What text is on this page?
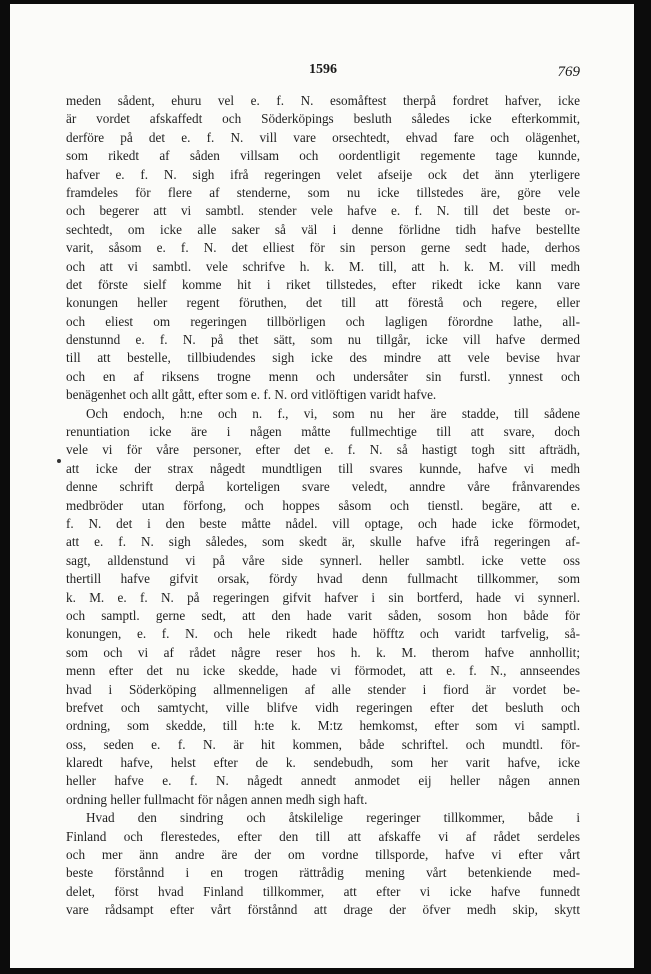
1596	769
meden sådent, ehuru vel e. f. N. esomåftest therpå fordret hafver, icke
är vordet afskaffedt och Söderköpings besluth således icke efterkommit,
derföre på det e. f. N. vill vare orsechtedt, ehvad fare och olägenhet,
som rikedt af såden villsam och oordentligit regemente tage kunnde,
hafver e. f. N. sigh ifrå regeringen velet afseije ock det änn yterligere
framdeles för flere af stenderne, som nu icke tillstedes äre, göre vele
och begerer att vi sambtl. stender vele hafve e. f. N. till det beste or-
sechtedt, om icke alle saker så väl i denne förlidne tidh hafve bestellte
varit, såsom e. f. N. det elliest för sin person gerne sedt hade, derhos
och att vi sambtl. vele schrifve h. k. M. till, att h. k. M. vill medh
det förste sielf komme hit i riket tillstedes, efter rikedt icke kann vare
konungen heller regent föruthen, det till att förestå och regere, eller
och eliest om regeringen tillbörligen och lagligen förordne lathe, all-
denstunnd e. f. N. på thet sätt, som nu tillgår, icke vill hafve dermed
till att bestelle, tillbiudendes sigh icke des mindre att vele bevise hvar
och en af riksens trogne menn och undersåter sin furstl. ynnest och
benägenhet och allt gått, efter som e. f. N. ord vitlöftigen varidt hafve.
Och endoch, h:ne och n. f., vi, som nu her äre stadde, till sådene
renuntiation icke äre i någen måtte fullmechtige till att svare, doch
vele vi för våre personer, efter det e. f. N. så hastigt togh sitt afträdh,
att icke der strax någedt mundtligen till svares kunnde, hafve vi medh
denne schrift derpå korteligen svare veledt, anndre våre frånvarendes
medbröder utan förfong, och hoppes såsom och tienstl. begäre, att e.
f. N. det i den beste måtte nådel. vill optage, och hade icke förmodet,
att e. f. N. sigh således, som skedt är, skulle hafve ifrå regeringen af-
sagt, alldenstund vi på våre side synnerl. heller sambtl. icke vette oss
thertill hafve gifvit orsak, fördy hvad denn fullmacht tillkommer, som
k. M. e. f. N. på regeringen gifvit hafver i sin bortferd, hade vi synnerl.
och samptl. gerne sedt, att den hade varit såden, sosom hon både för
konungen, e. f. N. och hele rikedt hade höfftz och varidt tarfvelig, så-
som och vi af rådet någre reser hos h. k. M. therom hafve annhollit;
menn efter det nu icke skedde, hade vi förmodet, att e. f. N., annseendes
hvad i Söderköping allmenneligen af alle stender i fiord är vordet be-
brefvet och samtycht, ville blifve vidh regeringen efter det besluth och
ordning, som skedde, till h:te k. M:tz hemkomst, efter som vi samptl.
oss, seden e. f. N. är hit kommen, både schriftel. och mundtl. för-
klaredt hafve, helst efter de k. sendebudh, som her varit hafve, icke
heller hafve e. f. N. någedt annedt anmodet eij heller någen annen
ordning heller fullmacht för någen annen medh sigh haft.
Hvad den sindring och åtskilelige regeringer tillkommer, både i
Finland och flerestedes, efter den till att afskaffe vi af rådet serdeles
och mer änn andre äre der om vordne tillsporde, hafve vi efter vårt
beste förstånnd i en trogen rättrådig mening vårt betenkiende med-
delet, först hvad Finland tillkommer, att efter vi icke hafve funnedt
vare rådsampt efter vårt förstånnd att drage der öfver medh skip, skytt
